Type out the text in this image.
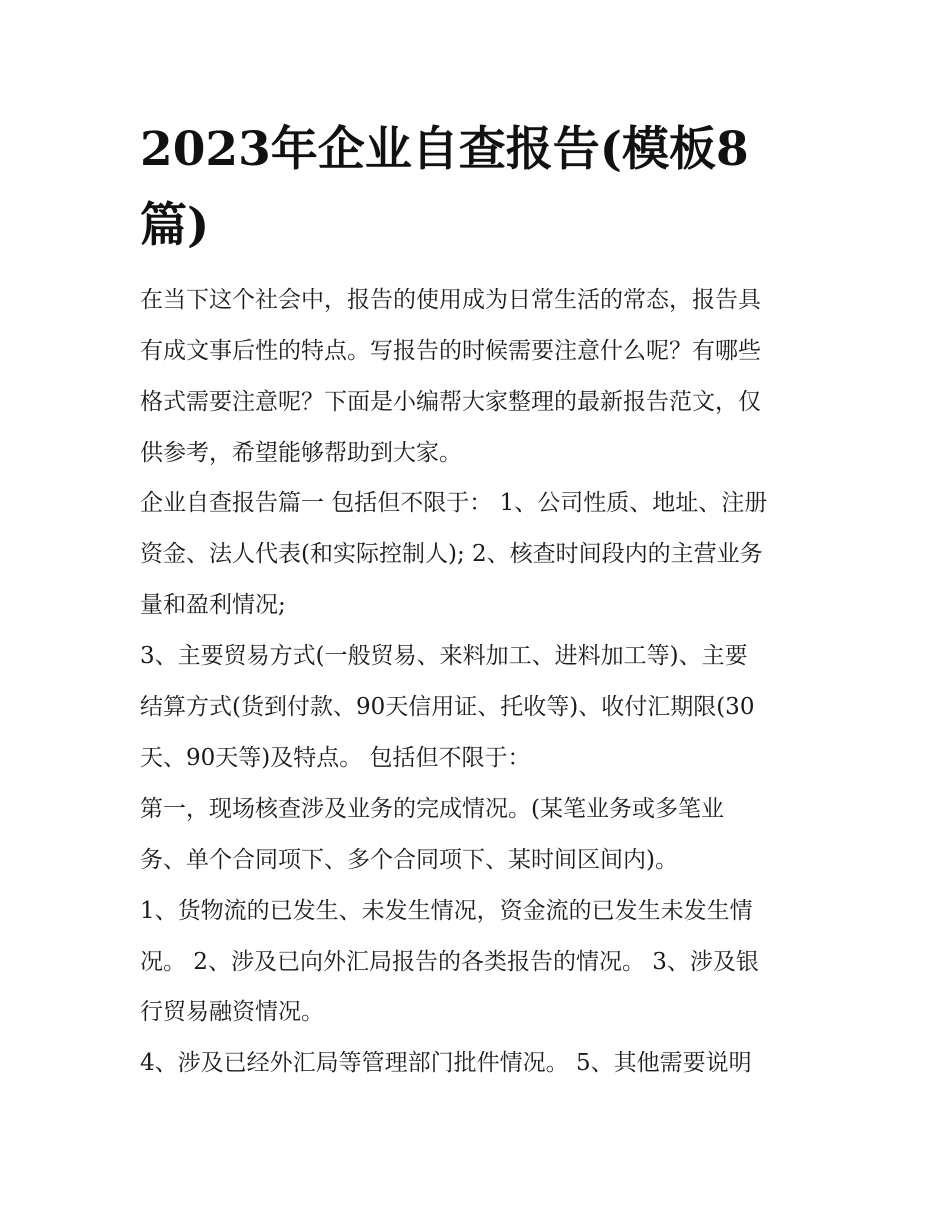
2023年企业自查报告(模板8
篇)
在当下这个社会中，报告的使用成为日常生活的常态，报告具
有成文事后性的特点。写报告的时候需要注意什么呢？有哪些
格式需要注意呢？下面是小编帮大家整理的最新报告范文，仅
供参考，希望能够帮助到大家。
企业自查报告篇一 包括但不限于： 1、公司性质、地址、注册
资金、法人代表(和实际控制人); 2、核查时间段内的主营业务
量和盈利情况;
3、主要贸易方式(一般贸易、来料加工、进料加工等)、主要
结算方式(货到付款、90天信用证、托收等)、收付汇期限(30
天、90天等)及特点。 包括但不限于：
第一，现场核查涉及业务的完成情况。(某笔业务或多笔业
务、单个合同项下、多个合同项下、某时间区间内)。
1、货物流的已发生、未发生情况，资金流的已发生未发生情
况。 2、涉及已向外汇局报告的各类报告的情况。 3、涉及银
行贸易融资情况。
4、涉及已经外汇局等管理部门批件情况。 5、其他需要说明
